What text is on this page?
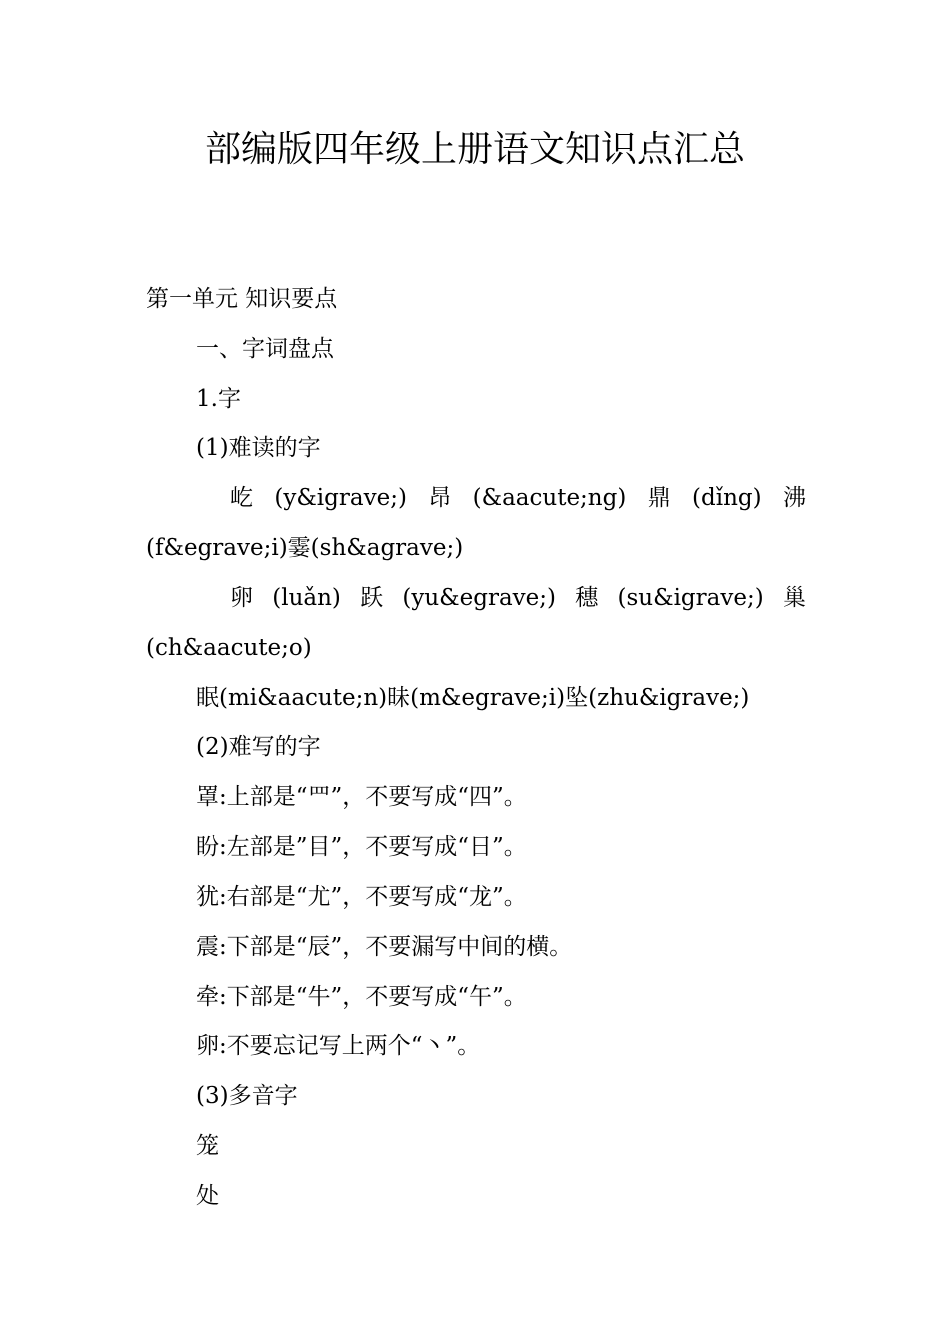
部编版四年级上册语文知识点汇总
第一单元 知识要点
一、字词盘点
1.字
(1)难读的字
屹 (y&igrave;) 昂 (&aacute;ng) 鼎 (dǐng) 沸
(f&egrave;i)霎(sh&agrave;)
卵 (luǎn) 跃 (yu&egrave;) 穗 (su&igrave;) 巢
(ch&aacute;o)
眠(mi&aacute;n)昧(m&egrave;i)坠(zhu&igrave;)
(2)难写的字
罩:上部是“罒”，不要写成“四”。
盼:左部是”目”，不要写成“日”。
犹:右部是“尤”，不要写成“龙”。
震:下部是“辰”，不要漏写中间的横。
牵:下部是“牛”，不要写成“午”。
卵:不要忘记写上两个“丶”。
(3)多音字
笼
处
